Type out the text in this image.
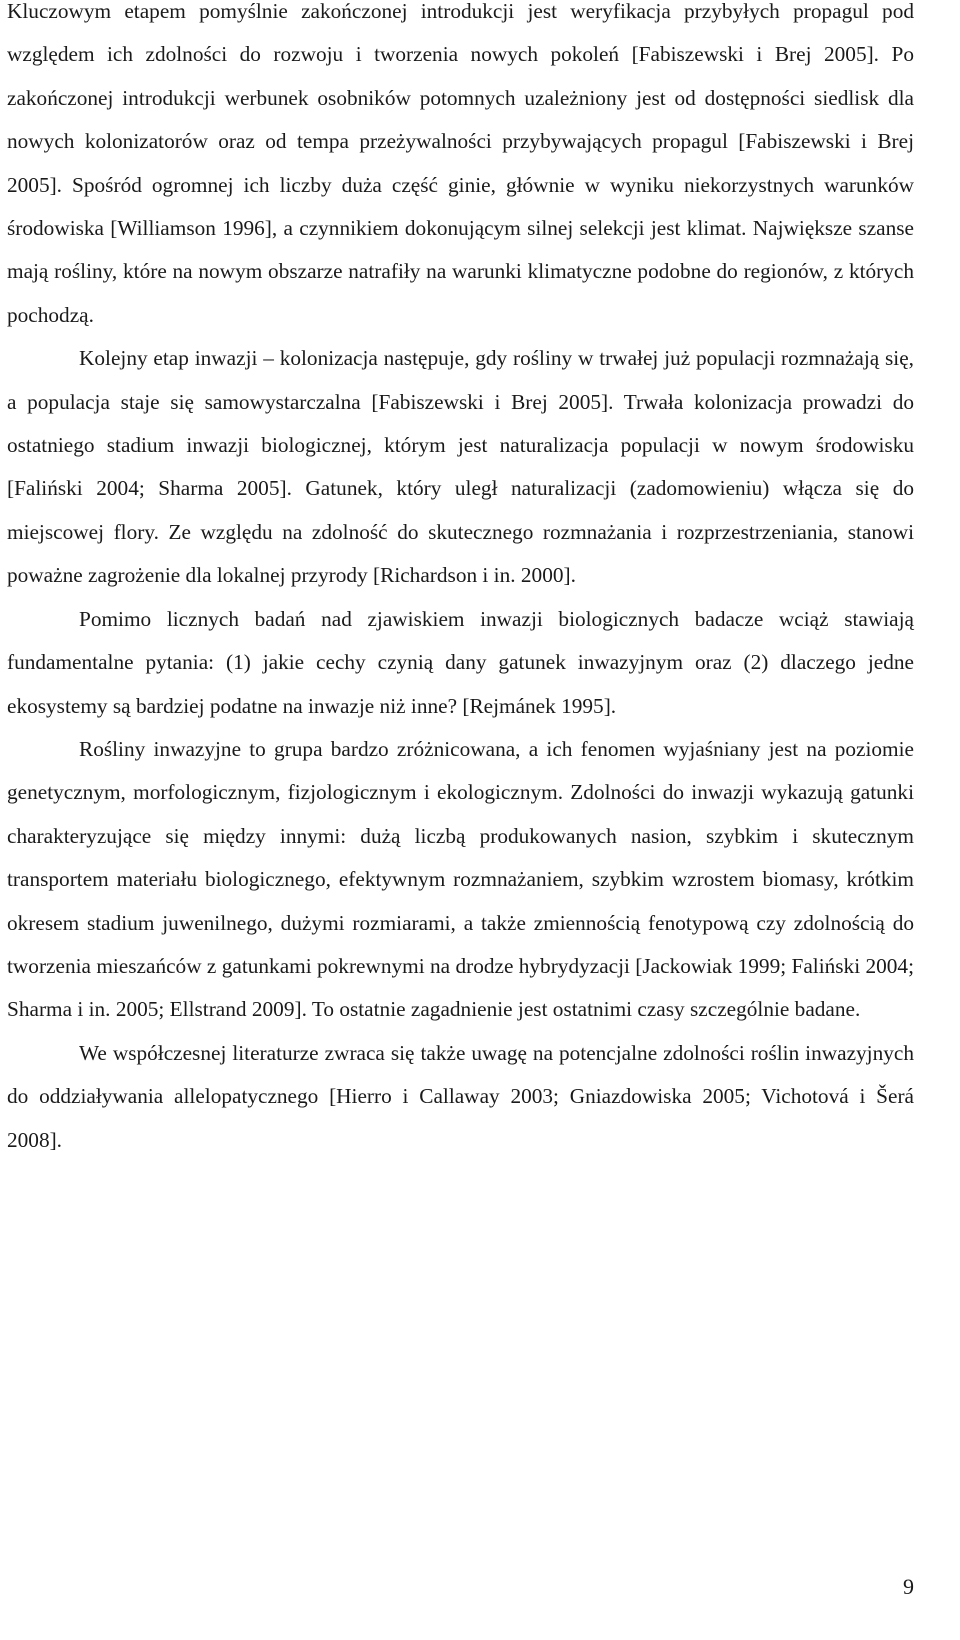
Kluczowym etapem pomyślnie zakończonej introdukcji jest weryfikacja przybyłych propagul pod względem ich zdolności do rozwoju i tworzenia nowych pokoleń [Fabiszewski i Brej 2005]. Po zakończonej introdukcji werbunek osobników potomnych uzależniony jest od dostępności siedlisk dla nowych kolonizatorów oraz od tempa przeżywalności przybywających propagul [Fabiszewski i Brej 2005]. Spośród ogromnej ich liczby duża część ginie, głównie w wyniku niekorzystnych warunków środowiska [Williamson 1996], a czynnikiem dokonującym silnej selekcji jest klimat. Największe szanse mają rośliny, które na nowym obszarze natrafiły na warunki klimatyczne podobne do regionów, z których pochodzą.

Kolejny etap inwazji – kolonizacja następuje, gdy rośliny w trwałej już populacji rozmnażają się, a populacja staje się samowystarczalna [Fabiszewski i Brej 2005]. Trwała kolonizacja prowadzi do ostatniego stadium inwazji biologicznej, którym jest naturalizacja populacji w nowym środowisku [Faliński 2004; Sharma 2005]. Gatunek, który uległ naturalizacji (zadomowieniu) włącza się do miejscowej flory. Ze względu na zdolność do skutecznego rozmnażania i rozprzestrzeniania, stanowi poważne zagrożenie dla lokalnej przyrody [Richardson i in. 2000].

Pomimo licznych badań nad zjawiskiem inwazji biologicznych badacze wciąż stawiają fundamentalne pytania: (1) jakie cechy czynią dany gatunek inwazyjnym oraz (2) dlaczego jedne ekosystemy są bardziej podatne na inwazje niż inne? [Rejmánek 1995].

Rośliny inwazyjne to grupa bardzo zróżnicowana, a ich fenomen wyjaśniany jest na poziomie genetycznym, morfologicznym, fizjologicznym i ekologicznym. Zdolności do inwazji wykazują gatunki charakteryzujące się między innymi: dużą liczbą produkowanych nasion, szybkim i skutecznym transportem materiału biologicznego, efektywnym rozmnażaniem, szybkim wzrostem biomasy, krótkim okresem stadium juwenilnego, dużymi rozmiarami, a także zmiennością fenotypową czy zdolnością do tworzenia mieszańców z gatunkami pokrewnymi na drodze hybrydyzacji [Jackowiak 1999; Faliński 2004; Sharma i in. 2005; Ellstrand 2009]. To ostatnie zagadnienie jest ostatnimi czasy szczególnie badane.

We współczesnej literaturze zwraca się także uwagę na potencjalne zdolności roślin inwazyjnych do oddziaływania allelopatycznego [Hierro i Callaway 2003; Gniazdowiska 2005; Vichotová i Šerá 2008].

9
